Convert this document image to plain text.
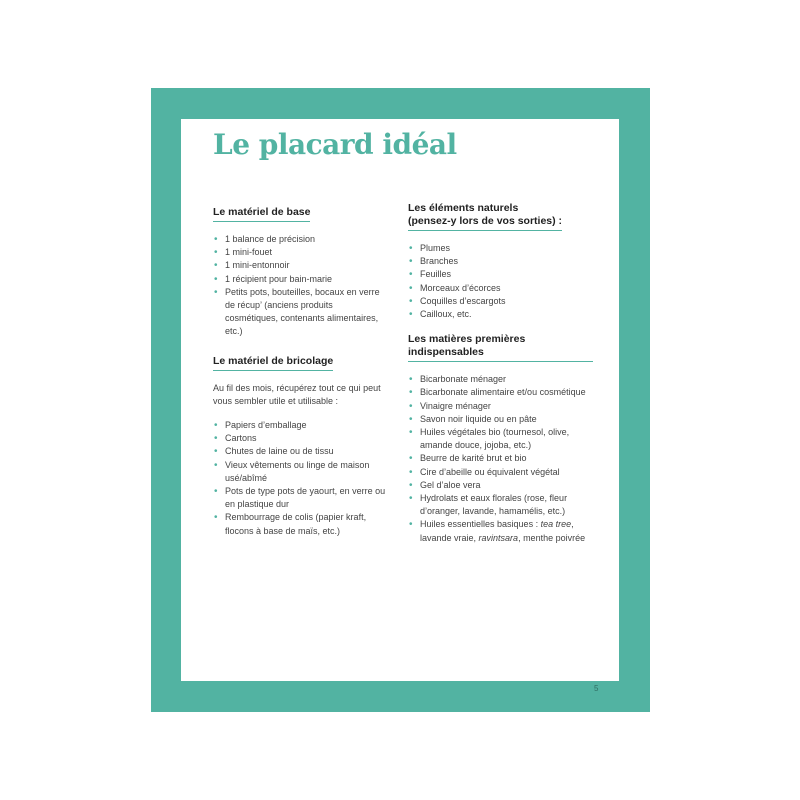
Le placard idéal
Le matériel de base
• 1 balance de précision
• 1 mini-fouet
• 1 mini-entonnoir
• 1 récipient pour bain-marie
• Petits pots, bouteilles, bocaux en verre de récup’ (anciens produits cosmétiques, contenants alimentaires, etc.)
Le matériel de bricolage

Au fil des mois, récupérez tout ce qui peut vous sembler utile et utilisable :

• Papiers d’emballage
• Cartons
• Chutes de laine ou de tissu
• Vieux vêtements ou linge de maison usé/abîmé
• Pots de type pots de yaourt, en verre ou en plastique dur
• Rembourrage de colis (papier kraft, flocons à base de maïs, etc.)
Les éléments naturels
(pensez-y lors de vos sorties) :
• Plumes
• Branches
• Feuilles
• Morceaux d’écorces
• Coquilles d’escargots
• Cailloux, etc.
Les matières premières indispensables
• Bicarbonate ménager
• Bicarbonate alimentaire et/ou cosmétique
• Vinaigre ménager
• Savon noir liquide ou en pâte
• Huiles végétales bio (tournesol, olive, amande douce, jojoba, etc.)
• Beurre de karité brut et bio
• Cire d’abeille ou équivalent végétal
• Gel d’aloe vera
• Hydrolats et eaux florales (rose, fleur d’oranger, lavande, hamamélis, etc.)
• Huiles essentielles basiques : tea tree, lavande vraie, ravintsara, menthe poivrée
5
